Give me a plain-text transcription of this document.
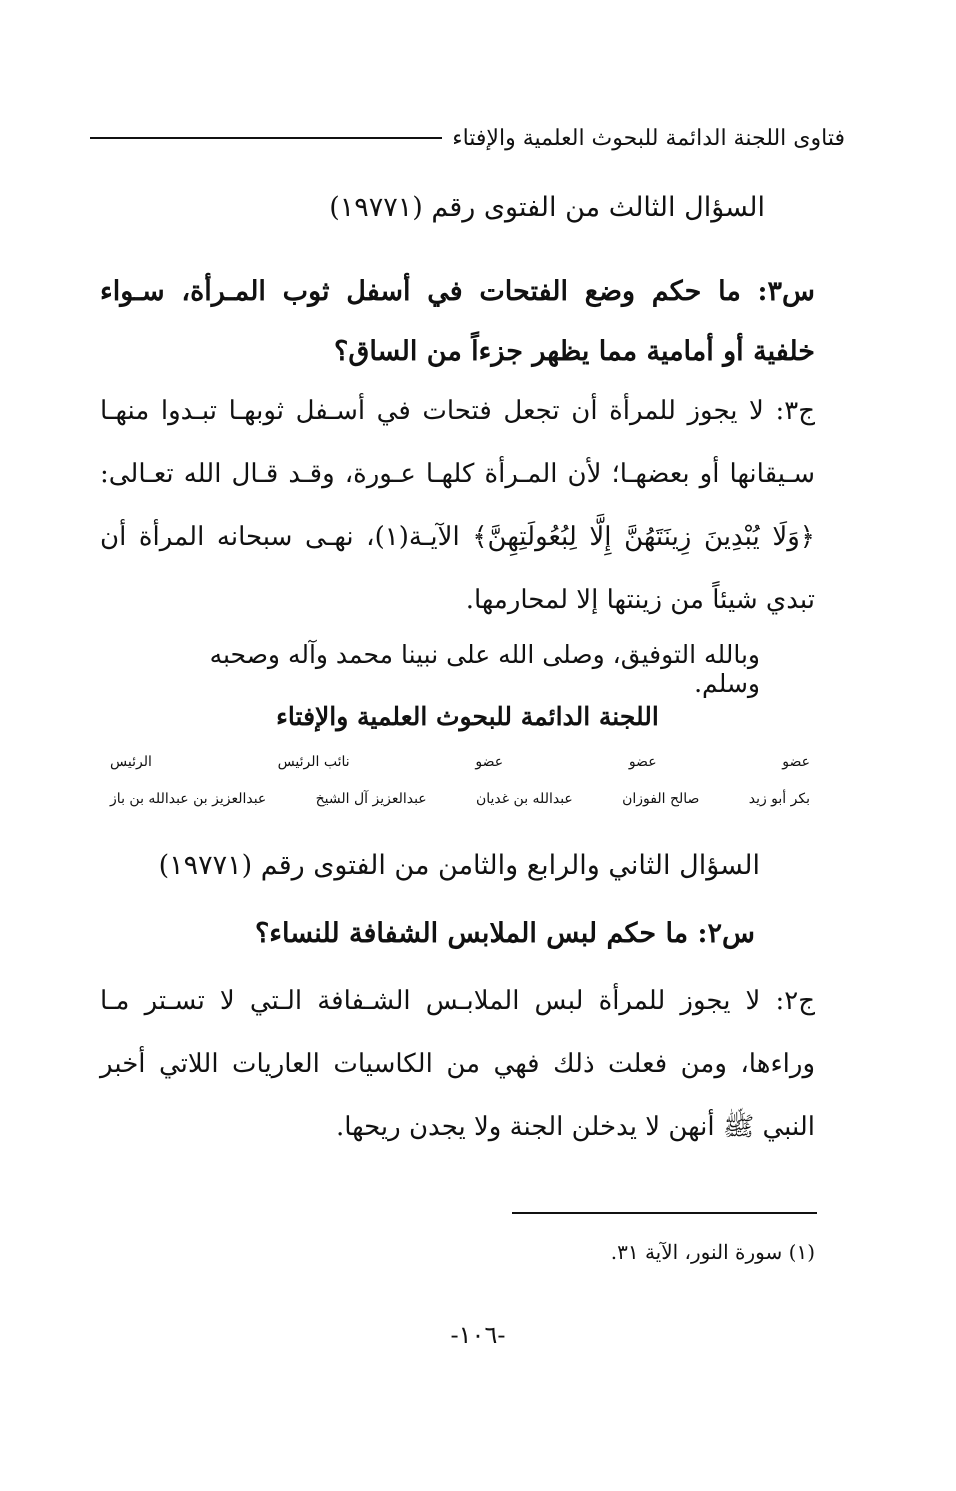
فتاوى اللجنة الدائمة للبحوث العلمية والإفتاء
السؤال الثالث من الفتوى رقم (١٩٧٧١)
س٣: ما حكم وضع الفتحات في أسفل ثوب المـرأة، سـواء خلفية أو أمامية مما يظهر جزءاً من الساق؟
ج٣: لا يجوز للمرأة أن تجعل فتحات في أسـفل ثوبهـا تبـدوا منهـا سـيقانها أو بعضهـا؛ لأن المـرأة كلهـا عـورة، وقـد قـال الله تعـالى: ﴿وَلَا يُبْدِينَ زِينَتَهُنَّ إِلَّا لِبُعُولَتِهِنَّ﴾ الآيـة(١)، نهـى سبحانه المرأة أن تبدي شيئاً من زينتها إلا لمحارمها.
وبالله التوفيق، وصلى الله على نبينا محمد وآله وصحبه وسلم.
اللجنة الدائمة للبحوث العلمية والإفتاء
عضو
عضو
عضو
نائب الرئيس
الرئيس
بكر أبو زيد
صالح الفوزان
عبدالله بن غديان
عبدالعزيز آل الشيخ
عبدالعزيز بن عبدالله بن باز
السؤال الثاني والرابع والثامن من الفتوى رقم (١٩٧٧١)
س٢: ما حكم لبس الملابس الشفافة للنساء؟
ج٢: لا يجوز للمرأة لبس الملابـس الشـفافة الـتي لا تسـتر مـا وراءها، ومن فعلت ذلك فهي من الكاسيات العاريات اللاتي أخبر النبي ﷺ أنهن لا يدخلن الجنة ولا يجدن ريحها.
(١) سورة النور، الآية ٣١.
-١٠٦-
